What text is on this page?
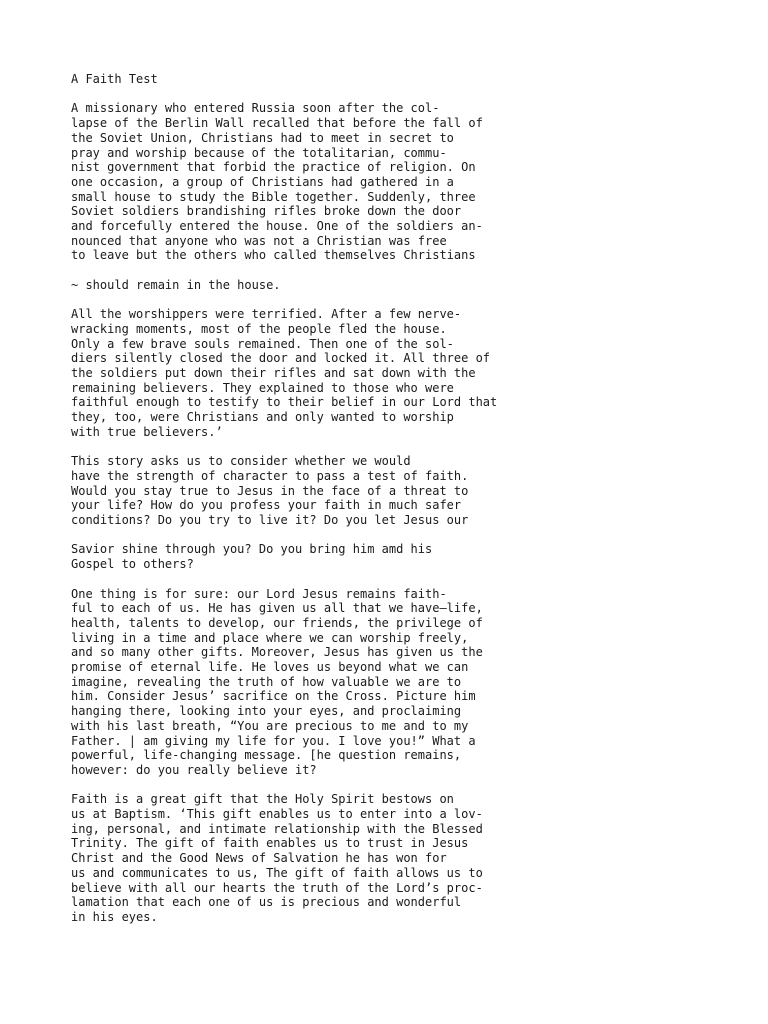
A Faith Test
A missionary who entered Russia soon after the col-
lapse of the Berlin Wall recalled that before the fall of
the Soviet Union, Christians had to meet in secret to
pray and worship because of the totalitarian, commu-
nist government that forbid the practice of religion. On
one occasion, a group of Christians had gathered in a
small house to study the Bible together. Suddenly, three
Soviet soldiers brandishing rifles broke down the door
and forcefully entered the house. One of the soldiers an-
nounced that anyone who was not a Christian was free
to leave but the others who called themselves Christians
~ should remain in the house.
All the worshippers were terrified. After a few nerve-
wracking moments, most of the people fled the house.
Only a few brave souls remained. Then one of the sol-
diers silently closed the door and locked it. All three of
the soldiers put down their rifles and sat down with the
remaining believers. They explained to those who were
faithful enough to testify to their belief in our Lord that
they, too, were Christians and only wanted to worship
with true believers.’
This story asks us to consider whether we would
have the strength of character to pass a test of faith.
Would you stay true to Jesus in the face of a threat to
your life? How do you profess your faith in much safer
conditions? Do you try to live it? Do you let Jesus our
Savior shine through you? Do you bring him amd his
Gospel to others?
One thing is for sure: our Lord Jesus remains faith-
ful to each of us. He has given us all that we have—life,
health, talents to develop, our friends, the privilege of
living in a time and place where we can worship freely,
and so many other gifts. Moreover, Jesus has given us the
promise of eternal life. He loves us beyond what we can
imagine, revealing the truth of how valuable we are to
him. Consider Jesus’ sacrifice on the Cross. Picture him
hanging there, looking into your eyes, and proclaiming
with his last breath, “You are precious to me and to my
Father. | am giving my life for you. I love you!” What a
powerful, life-changing message. [he question remains,
however: do you really believe it?
Faith is a great gift that the Holy Spirit bestows on
us at Baptism. ‘This gift enables us to enter into a lov-
ing, personal, and intimate relationship with the Blessed
Trinity. The gift of faith enables us to trust in Jesus
Christ and the Good News of Salvation he has won for
us and communicates to us, The gift of faith allows us to
believe with all our hearts the truth of the Lord’s proc-
lamation that each one of us is precious and wonderful
in his eyes.
